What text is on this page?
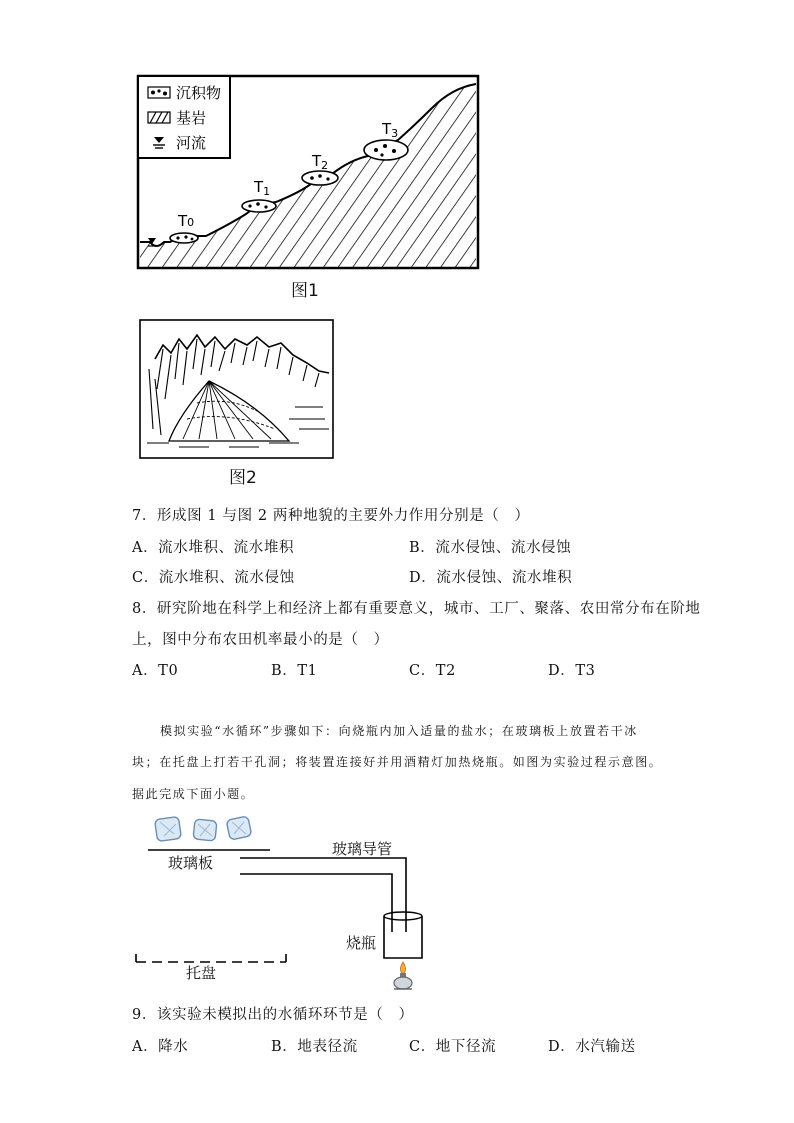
T0
$T_1$
$T_2$
$T_3$
沉积物
基岩
河流
图1
图2
7．形成图 1 与图 2 两种地貌的主要外力作用分别是（　）
A．流水堆积、流水堆积	B．流水侵蚀、流水侵蚀
C．流水堆积、流水侵蚀	D．流水侵蚀、流水堆积
8．研究阶地在科学上和经济上都有重要意义，城市、工厂、聚落、农田常分布在阶地
上，图中分布农田机率最小的是（　）
A．T0	B．T1	C．T2	D．T3
模拟实验“水循环”步骤如下：向烧瓶内加入适量的盐水；在玻璃板上放置若干冰
块；在托盘上打若干孔洞；将装置连接好并用酒精灯加热烧瓶。如图为实验过程示意图。
据此完成下面小题。
玻璃板
玻璃导管
烧瓶
托盘
9．该实验未模拟出的水循环环节是（　）
A．降水	B．地表径流	C．地下径流	D．水汽输送
